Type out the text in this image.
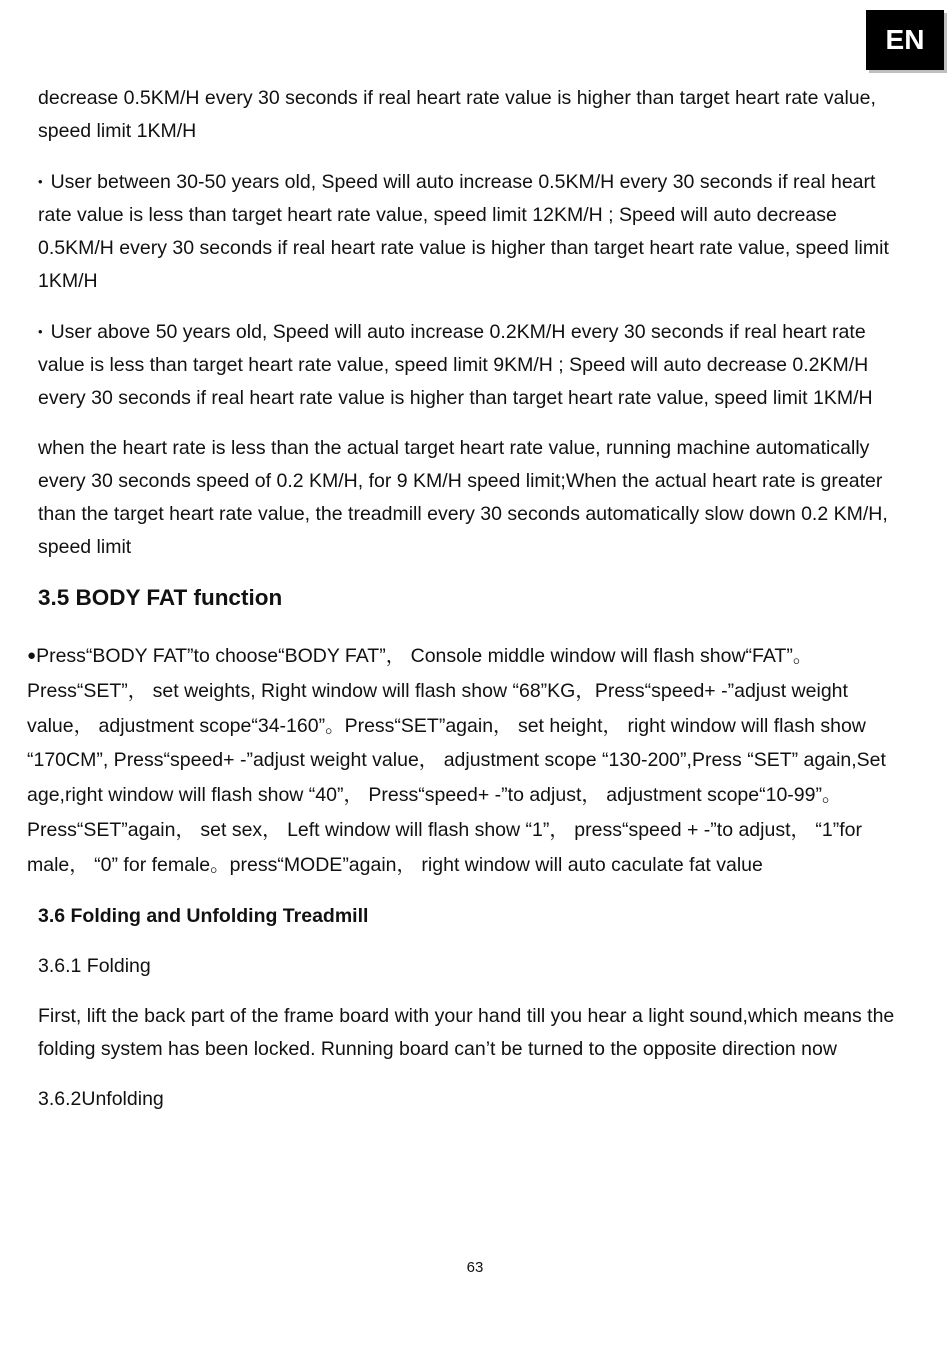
EN

decrease 0.5KM/H every 30 seconds if real heart rate value is higher than target heart rate value, speed limit 1KM/H

• User between 30-50 years old, Speed will auto increase 0.5KM/H every 30 seconds if real heart rate value is less than target heart rate value, speed limit 12KM/H ; Speed will auto decrease 0.5KM/H every 30 seconds if real heart rate value is higher than target heart rate value, speed limit 1KM/H

• User above 50 years old, Speed will auto increase 0.2KM/H every 30 seconds if real heart rate value is less than target heart rate value, speed limit 9KM/H ; Speed will auto decrease 0.2KM/H every 30 seconds if real heart rate value is higher than target heart rate value, speed limit 1KM/H

when the heart rate is less than the actual target heart rate value, running machine automatically every 30 seconds speed of 0.2 KM/H, for 9 KM/H speed limit;When the actual heart rate is greater than the target heart rate value, the treadmill every 30 seconds automatically slow down 0.2 KM/H, speed limit

3.5 BODY FAT function

●Press“BODY FAT”to choose“BODY FAT”， Console middle window will flash show“FAT”。Press“SET”， set weights, Right window will flash show “68”KG，Press“speed+ -”adjust weight value， adjustment scope“34-160”。Press“SET”again， set height， right window will flash show “170CM”, Press“speed+ -”adjust weight value， adjustment scope “130-200”,Press “SET” again,Set age,right window will flash show “40”， Press“speed+ -”to adjust， adjustment scope“10-99”。 Press“SET”again， set sex， Left window will flash show “1”， press“speed + -”to adjust， “1”for male， “0” for female。press“MODE”again， right window will auto caculate fat value

3.6 Folding and Unfolding Treadmill

3.6.1 Folding

First, lift the back part of the frame board with your hand till you hear a light sound,which means the folding system has been locked. Running board can’t be turned to the opposite direction now

3.6.2Unfolding

63
